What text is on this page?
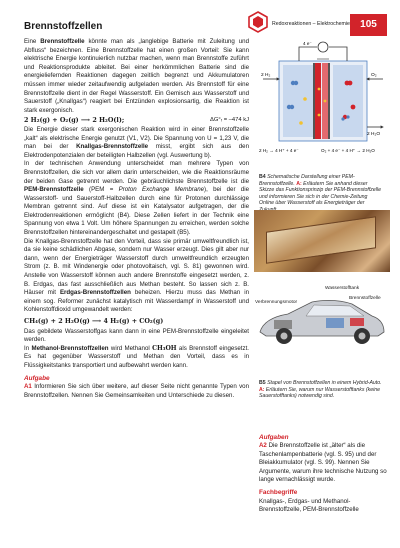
Brennstoffzellen	Redoxreaktionen – Elektrochemie	105

Eine Brennstoffzelle könnte man als „langlebige Batterie mit Zuleitung und Abfluss“ bezeichnen. Eine Brennstoffzelle hat einen großen Vorteil: Sie kann elektrische Energie kontinuierlich nutzbar machen, wenn man Brennstoffe zuführt und Reaktionsprodukte ableitet. Bei einer herkömmlichen Batterie sind die energieliefernden Reaktionen dagegen zeitlich begrenzt und Akkumulatoren müssen immer wieder zeitaufwendig aufgeladen werden. Als Brennstoff für eine Brennstoffzelle dient in der Regel Wasserstoff. Ein Gemisch aus Wasserstoff und Sauerstoff („Knallgas“) reagiert bei Entzünden explosionsartig, die Reaktion ist stark exergonisch.

2 H₂(g) + O₂(g) ⟶ 2 H₂O(l);	ΔG°ᵣ = –474 kJ

Die Energie dieser stark exergonischen Reaktion wird in einer Brennstoffzelle „kalt“ als elektrische Energie genutzt (V1, V2). Die Spannung von U = 1,23 V, die man bei der Knallgas-Brennstoffzelle misst, ergibt sich aus den Elektrodenpotenzialen der beteiligten Halbzellen (vgl. Auswertung b).

In der technischen Anwendung unterscheidet man mehrere Typen von Brennstoffzellen, die sich vor allem darin unterscheiden, wie die Reaktionsräume der beiden Gase getrennt werden. Die gebräuchlichste Brennstoffzelle ist die PEM-Brennstoffzelle (PEM = Proton Exchange Membrane), bei der die Wasserstoff- und Sauerstoff-Halbzellen durch eine für Protonen durchlässige Membran getrennt sind. Auf diese ist ein Katalysator aufgetragen, der die Elektrodenreaktionen ermöglicht (B4). Diese Zellen liefert in der Technik eine Spannung von etwa 1 Volt. Um höhere Spannungen zu erreichen, werden solche Brennstoffzellen hintereinandergeschaltet und gestapelt (B5).

Die Knallgas-Brennstoffzelle hat den Vorteil, dass sie primär umweltfreundlich ist, da sie keine schädlichen Abgase, sondern nur Wasser erzeugt. Dies gilt aber nur dann, wenn der Energieträger Wasserstoff durch umweltfreundlich erzeugten Strom (z. B. mit Windenergie oder photovoltaisch, vgl. S. 81) gewonnen wird. Anstelle von Wasserstoff können auch andere Brennstoffe eingesetzt werden, z. B. Erdgas, das fast ausschließlich aus Methan besteht. So lassen sich z. B. Häuser mit Erdgas-Brennstoffzellen beheizen. Hierzu muss das Methan in einem sog. Reformer zunächst katalytisch mit Wasserdampf in Wasserstoff und Kohlenstoffdioxid umgewandelt werden:

CH₄(g) + 2 H₂O(g) ⟶ 4 H₂(g) + CO₂(g)

Das gebildete Wasserstoffgas kann dann in eine PEM-Brennstoffzelle eingeleitet werden.

In Methanol-Brennstoffzellen wird Methanol CH₃OH als Brennstoff eingesetzt. Es hat gegenüber Wasserstoff und Methan den Vorteil, dass es in Flüssigkeitstanks transportiert und aufbewahrt werden kann.

Aufgabe

A1 Informieren Sie sich über weitere, auf dieser Seite nicht genannte Typen von Brennstoffzellen. Nennen Sie Gemeinsamkeiten und Unterschiede zu diesen.

4 e⁻
2 H₂	O₂
2 H₂O
2 H₂ → 4 H⁺ + 4 e⁻	O₂ + 4 e⁻ + 4 H⁺ → 2 H₂O
B4 Schematische Darstellung einer PEM-Brennstoffzelle. A: Erläutern Sie anhand dieser Skizze das Funktionsprinzip der PEM-Brennstoffzelle und informieren Sie sich in der Chemie-Zeitung Online über Wasserstoff als Energieträger der
Wasserstofftank
Verbrennungsmotor
Brennstoffzelle
B5 Stapel von Brennstoffzellen in einem Hybrid-Auto. A: Erläutern Sie, warum nur Wasserstofftanks (keine Sauerstofftanks) notwendig sind.
Aufgaben

A2 Die Brennstoffzelle ist „älter“ als die Taschenlampenbatterie (vgl. S. 95) und der Bleiakkumulator (vgl. S. 99). Nennen Sie Argumente, warum ihre technische Nutzung so lange vernachlässigt wurde.

Fachbegriffe

Knallgas-, Erdgas- und Methanol-Brennstoffzelle, PEM-Brennstoffzelle
